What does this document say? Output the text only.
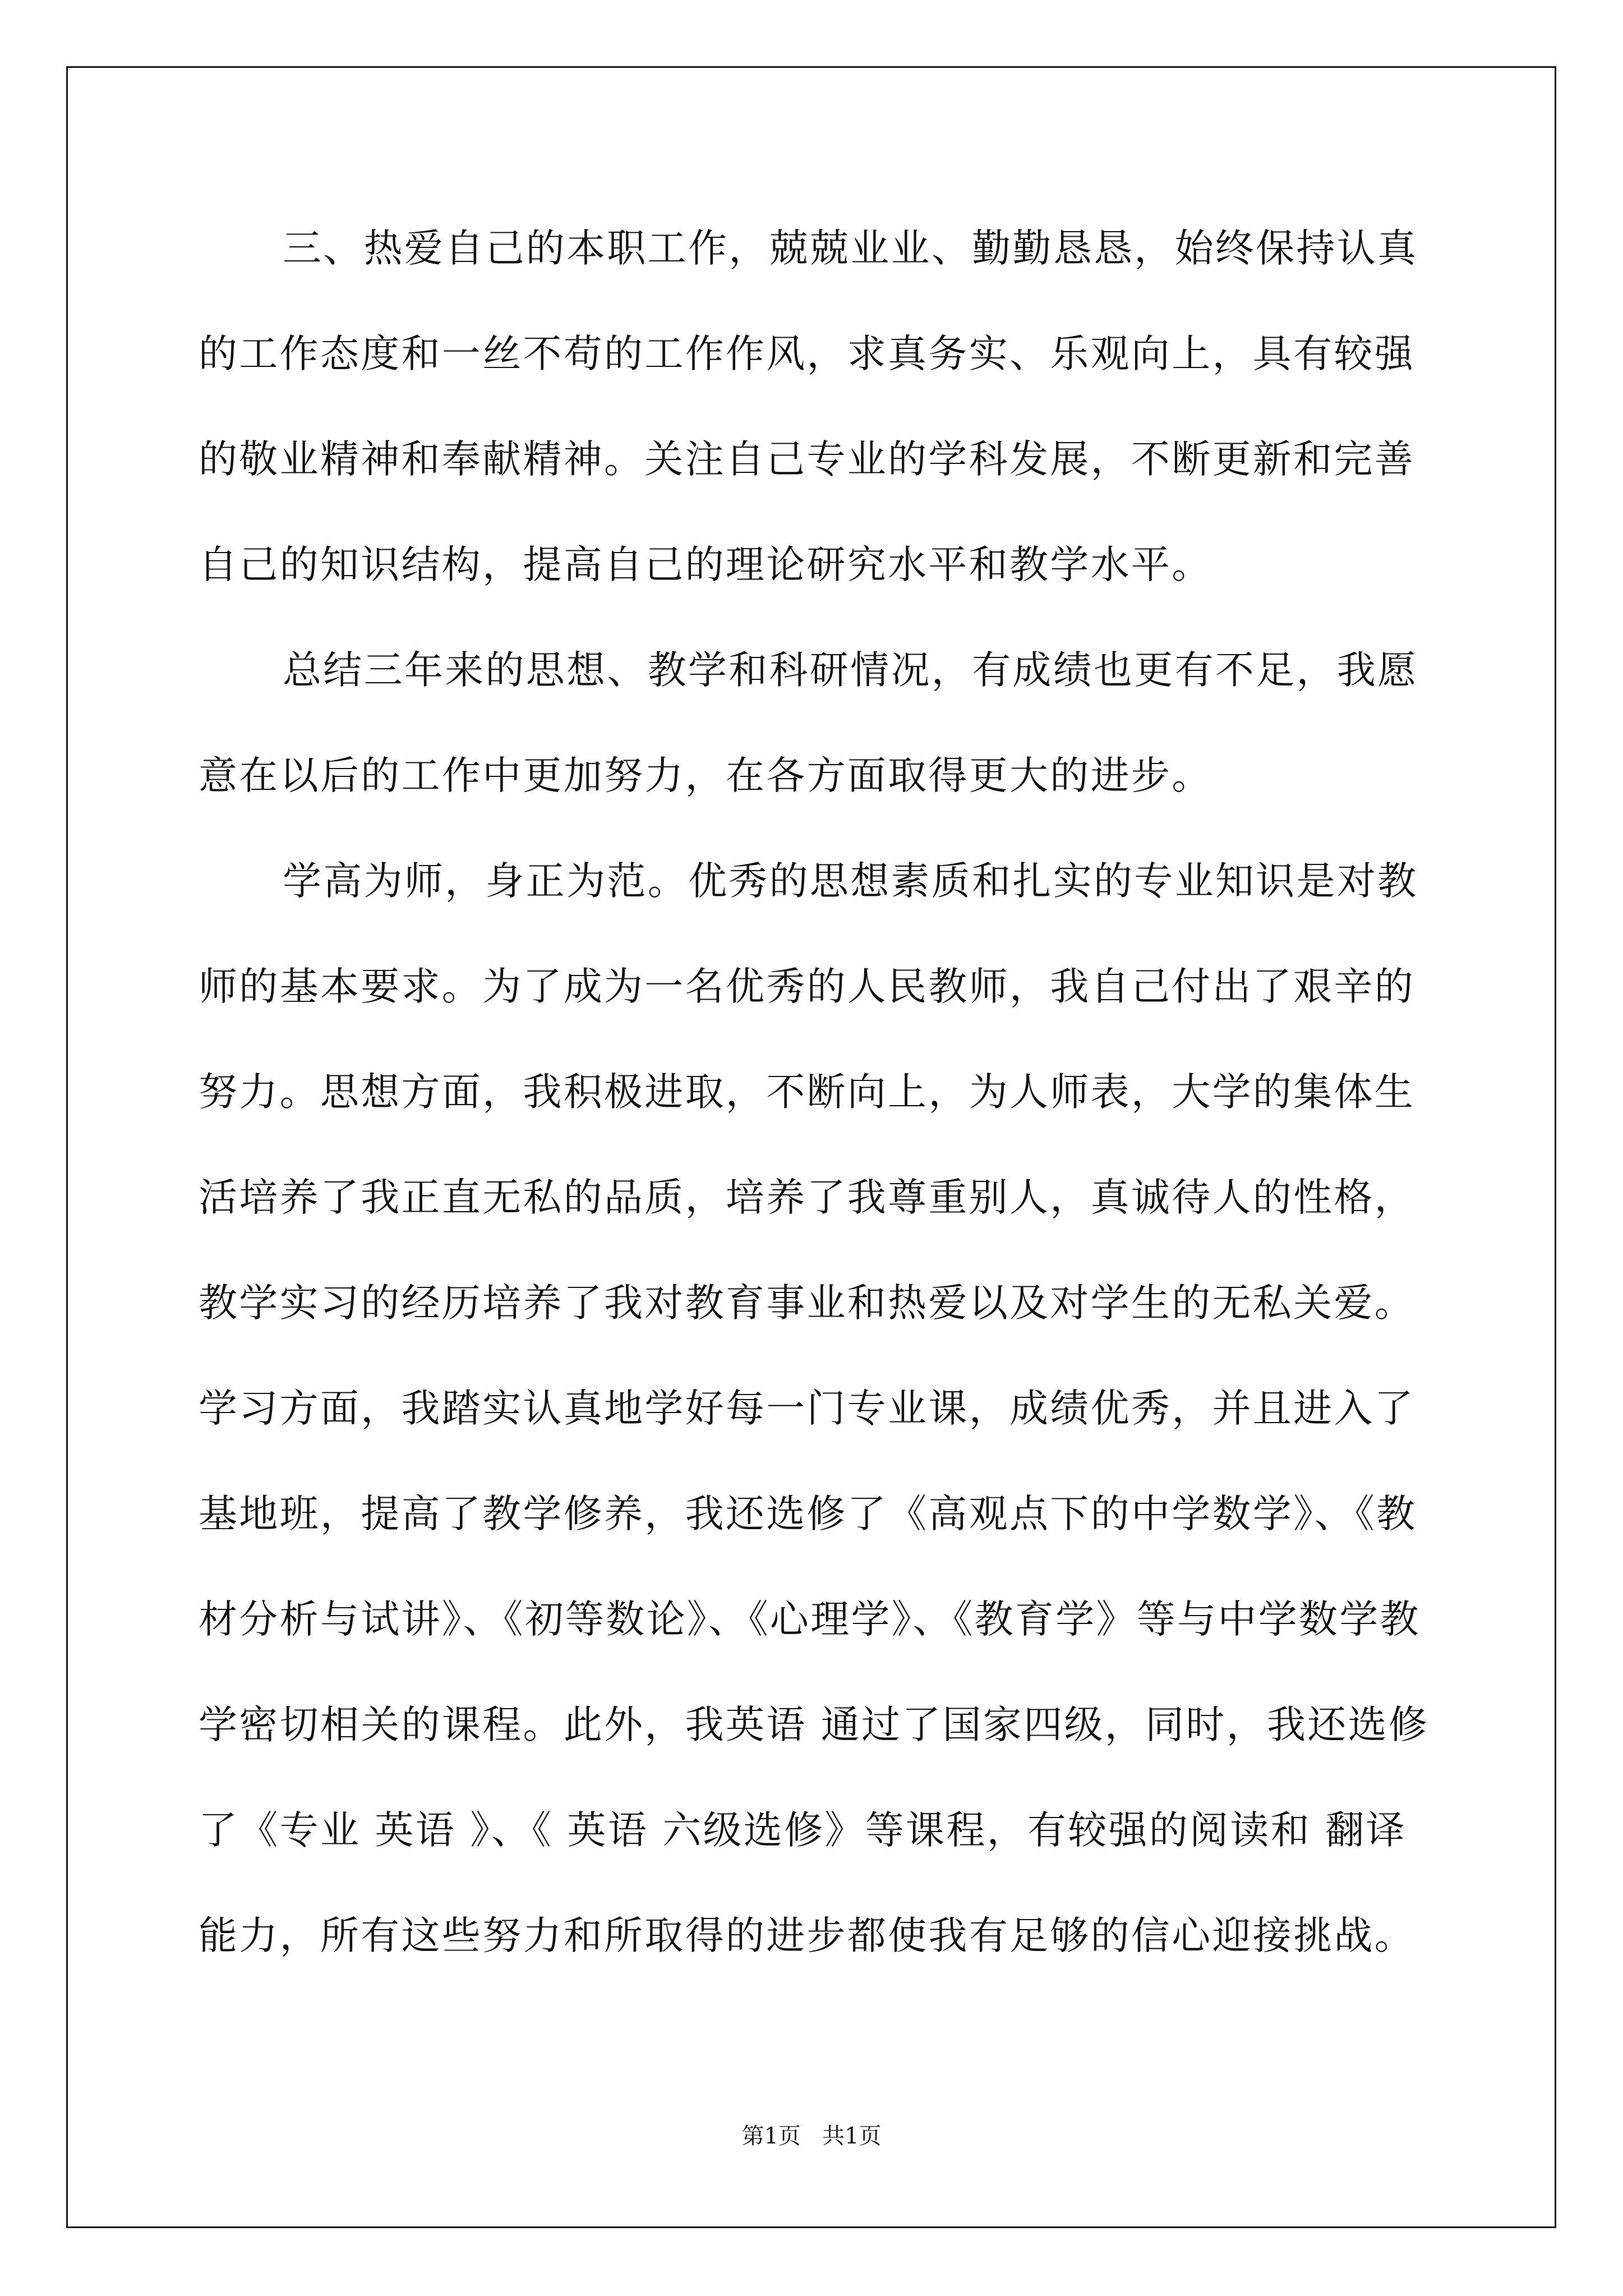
三、热爱自己的本职工作，兢兢业业、勤勤恳恳，始终保持认真
的工作态度和一丝不苟的工作作风，求真务实、乐观向上，具有较强
的敬业精神和奉献精神。关注自己专业的学科发展，不断更新和完善
自己的知识结构，提高自己的理论研究水平和教学水平。
总结三年来的思想、教学和科研情况，有成绩也更有不足，我愿
意在以后的工作中更加努力，在各方面取得更大的进步。
学高为师，身正为范。优秀的思想素质和扎实的专业知识是对教
师的基本要求。为了成为一名优秀的人民教师，我自己付出了艰辛的
努力。思想方面，我积极进取，不断向上，为人师表，大学的集体生
活培养了我正直无私的品质，培养了我尊重别人，真诚待人的性格，
教学实习的经历培养了我对教育事业和热爱以及对学生的无私关爱。
学习方面，我踏实认真地学好每一门专业课，成绩优秀，并且进入了
基地班，提高了教学修养，我还选修了《高观点下的中学数学》、《教
材分析与试讲》、《初等数论》、《心理学》、《教育学》等与中学数学教
学密切相关的课程。此外，我英语 通过了国家四级，同时，我还选修
了《专业 英语 》、《 英语 六级选修》等课程，有较强的阅读和 翻译
能力，所有这些努力和所取得的进步都使我有足够的信心迎接挑战。
第1页   共1页
